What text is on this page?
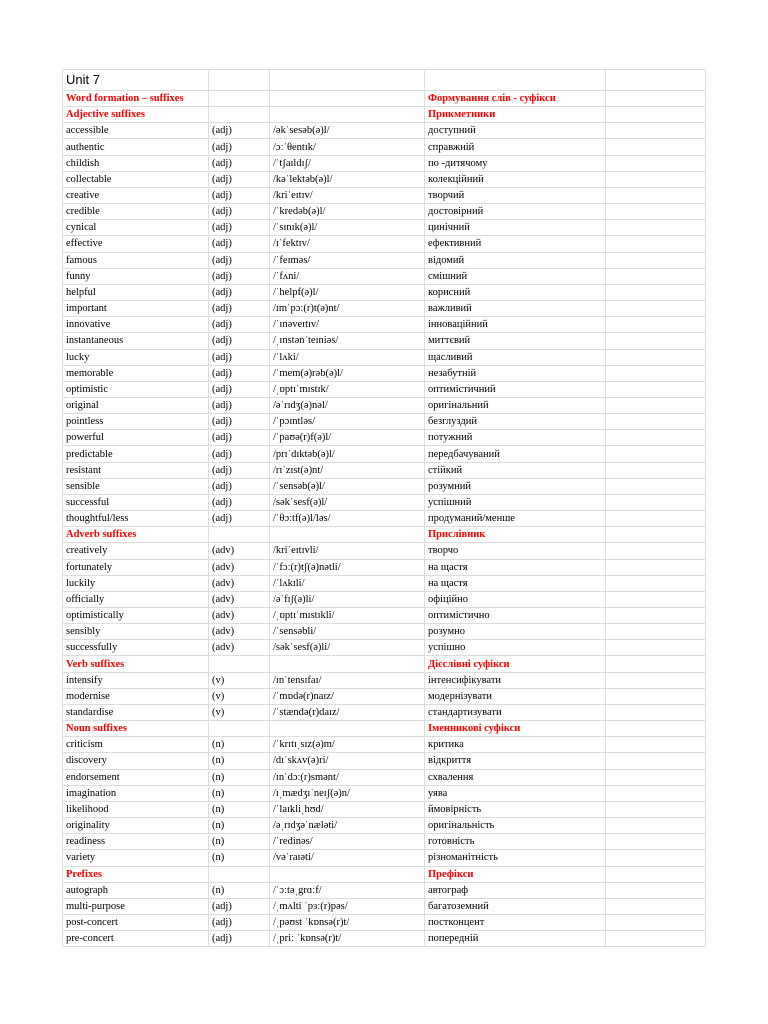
Unit 7				
Word formation – suffixes			Формування слів - суфікси	
Adjective suffixes			Прикметники	
accessible	(adj)	/əkˈsesəb(ə)l/	доступний	
authentic	(adj)	/ɔːˈθentɪk/	справжній	
childish	(adj)	/ˈtʃaɪldɪʃ/	по -дитячому	
collectable	(adj)	/kəˈlektəb(ə)l/	колекційний	
creative	(adj)	/kriˈeɪtɪv/	творчий	
credible	(adj)	/ˈkredəb(ə)l/	достовірний	
cynical	(adj)	/ˈsɪnɪk(ə)l/	цинічний	
effective	(adj)	/ɪˈfektɪv/	ефективний	
famous	(adj)	/ˈfeɪməs/	відомий	
funny	(adj)	/ˈfʌni/	смішний	
helpful	(adj)	/ˈhelpf(ə)l/	корисний	
important	(adj)	/ɪmˈpɔː(r)t(ə)nt/	важливий	
innovative	(adj)	/ˈɪnəveɪtɪv/	інноваційний	
instantaneous	(adj)	/ˌɪnstənˈteɪniəs/	миттєвий	
lucky	(adj)	/ˈlʌki/	щасливий	
memorable	(adj)	/ˈmem(ə)rəb(ə)l/	незабутній	
optimistic	(adj)	/ˌɒptɪˈmɪstɪk/	оптимістичний	
original	(adj)	/əˈrɪdʒ(ə)nəl/	оригінальний	
pointless	(adj)	/ˈpɔɪntləs/	безглуздий	
powerful	(adj)	/ˈpaʊə(r)f(ə)l/	потужний	
predictable	(adj)	/prɪˈdɪktəb(ə)l/	передбачуваний	
resistant	(adj)	/rɪˈzɪst(ə)nt/	стійкий	
sensible	(adj)	/ˈsensəb(ə)l/	розумний	
successful	(adj)	/səkˈsesf(ə)l/	успішний	
thoughtful/less	(adj)	/ˈθɔːtf(ə)l/ləs/	продуманий/менше	
Adverb suffixes			Прислівник	
creatively	(adv)	/kriˈeɪtɪvli/	творчо	
fortunately	(adv)	/ˈfɔː(r)tʃ(ə)nətli/	на щастя	
luckily	(adv)	/ˈlʌkɪli/	на щастя	
officially	(adv)	/əˈfɪʃ(ə)li/	офіційно	
optimistically	(adv)	/ˌɒptɪˈmɪstɪkli/	оптимістично	
sensibly	(adv)	/ˈsensəbli/	розумно	
successfully	(adv)	/səkˈsesf(ə)li/	успішно	
Verb suffixes			Дієслівні суфікси	
intensify	(v)	/ɪnˈtensɪfaɪ/	інтенсифікувати	
modernise	(v)	/ˈmɒdə(r)naɪz/	модернізувати	
standardise	(v)	/ˈstændə(r)daɪz/	стандартизувати	
Noun suffixes			Іменникові суфікси	
criticism	(n)	/ˈkrɪtɪˌsɪz(ə)m/	критика	
discovery	(n)	/dɪˈskʌv(ə)ri/	відкриття	
endorsement	(n)	/ɪnˈdɔː(r)smənt/	схвалення	
imagination	(n)	/ɪˌmædʒɪˈneɪʃ(ə)n/	уява	
likelihood	(n)	/ˈlaɪkliˌhʊd/	ймовірність	
originality	(n)	/əˌrɪdʒəˈnæləti/	оригінальність	
readiness	(n)	/ˈredinəs/	готовність	
variety	(n)	/vəˈraɪəti/	різноманітність	
Prefixes			Префікси	
autograph	(n)	/ˈɔːtəˌgrɑːf/	автограф	
multi-purpose	(adj)	/ˌmʌlti ˈpɜː(r)pəs/	багатоземний	
post-concert	(adj)	/ˌpəʊst ˈkɒnsə(r)t/	постконцент	
pre-concert	(adj)	/ˌpriː ˈkɒnsə(r)t/	попередній	
